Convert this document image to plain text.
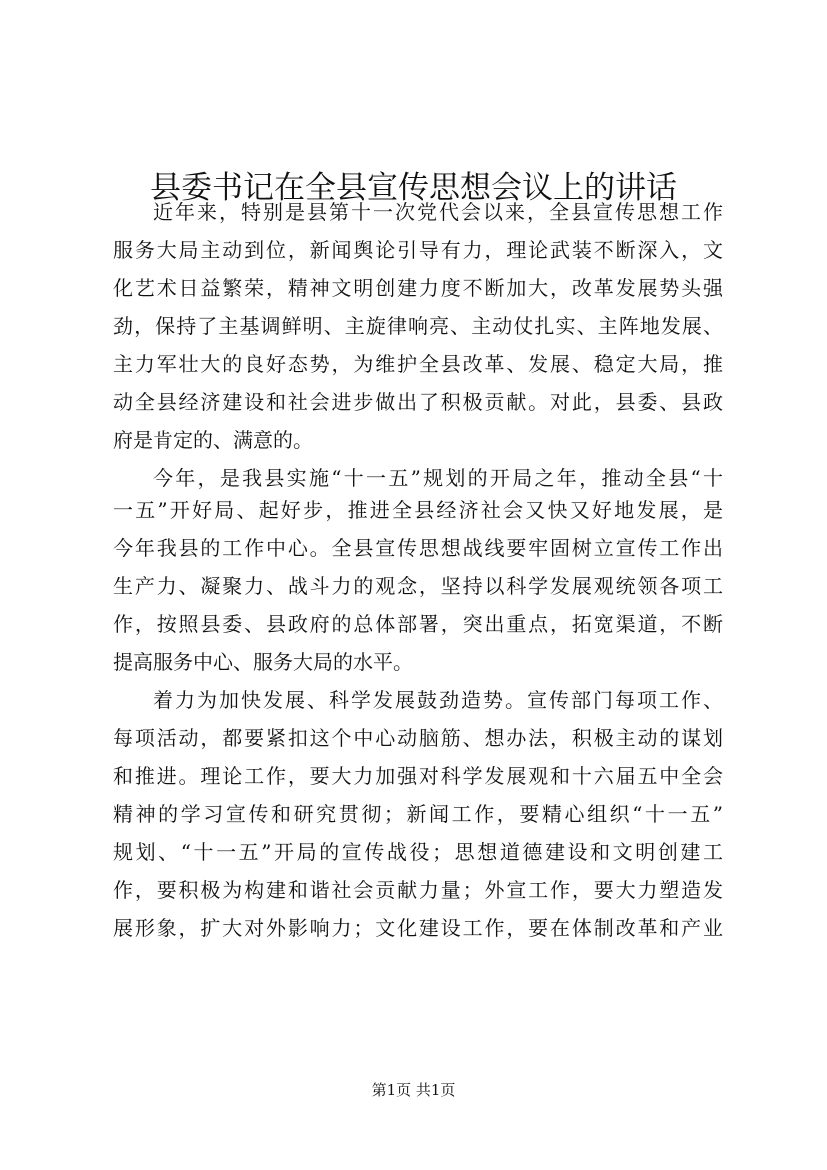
县委书记在全县宣传思想会议上的讲话
近年来，特别是县第十一次党代会以来，全县宣传思想工作
服务大局主动到位，新闻舆论引导有力，理论武装不断深入，文
化艺术日益繁荣，精神文明创建力度不断加大，改革发展势头强
劲，保持了主基调鲜明、主旋律响亮、主动仗扎实、主阵地发展、
主力军壮大的良好态势，为维护全县改革、发展、稳定大局，推
动全县经济建设和社会进步做出了积极贡献。对此，县委、县政
府是肯定的、满意的。
今年，是我县实施“十一五”规划的开局之年，推动全县“十
一五”开好局、起好步，推进全县经济社会又快又好地发展，是
今年我县的工作中心。全县宣传思想战线要牢固树立宣传工作出
生产力、凝聚力、战斗力的观念，坚持以科学发展观统领各项工
作，按照县委、县政府的总体部署，突出重点，拓宽渠道，不断
提高服务中心、服务大局的水平。
着力为加快发展、科学发展鼓劲造势。宣传部门每项工作、
每项活动，都要紧扣这个中心动脑筋、想办法，积极主动的谋划
和推进。理论工作，要大力加强对科学发展观和十六届五中全会
精神的学习宣传和研究贯彻；新闻工作，要精心组织“十一五”
规划、“十一五”开局的宣传战役；思想道德建设和文明创建工
作，要积极为构建和谐社会贡献力量；外宣工作，要大力塑造发
展形象，扩大对外影响力；文化建设工作，要在体制改革和产业
第1页 共1页
